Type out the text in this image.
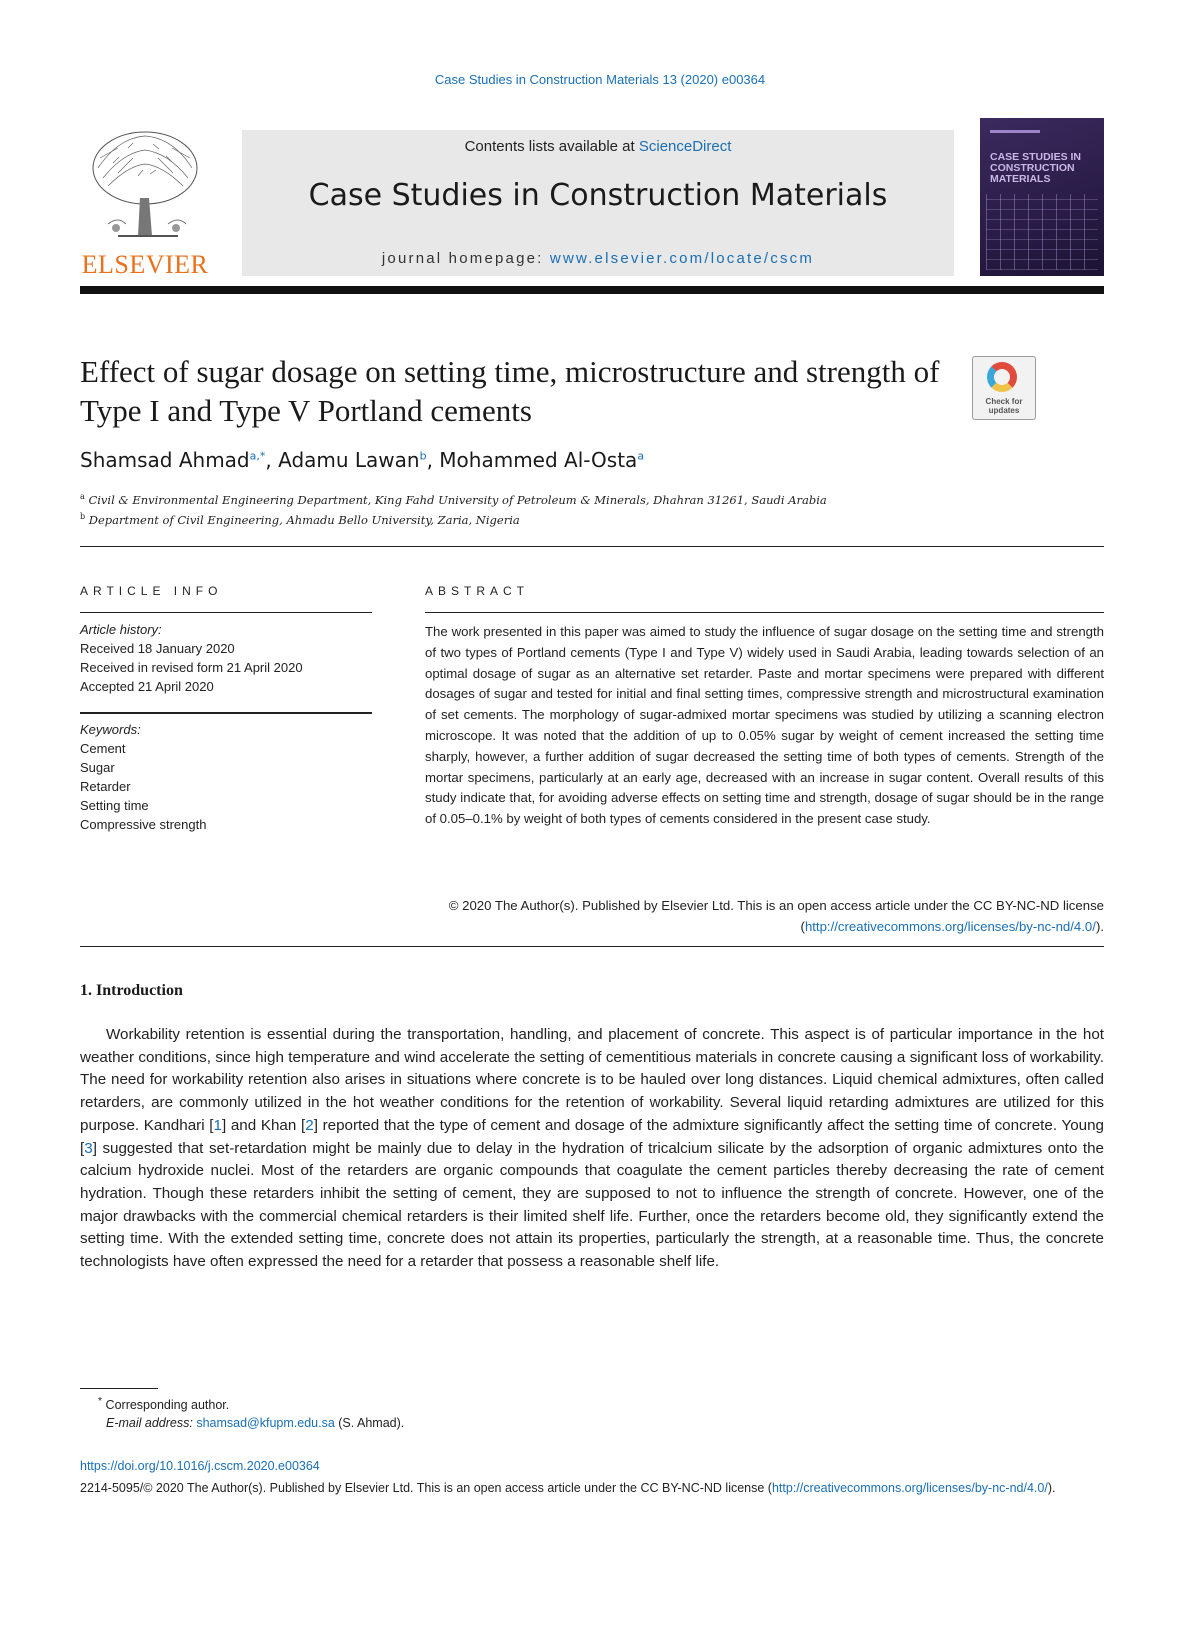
Case Studies in Construction Materials 13 (2020) e00364
ELSEVIER
Contents lists available at ScienceDirect
Case Studies in Construction Materials
journal homepage: www.elsevier.com/locate/cscm
CASE STUDIES IN CONSTRUCTION MATERIALS
Effect of sugar dosage on setting time, microstructure and strength of Type I and Type V Portland cements	Check for updates
Shamsad Ahmad$^{a,*}$, Adamu Lawan$^b$, Mohammed Al-Osta$^a$
$^a$ Civil & Environmental Engineering Department, King Fahd University of Petroleum & Minerals, Dhahran 31261, Saudi Arabia
$^b$ Department of Civil Engineering, Ahmadu Bello University, Zaria, Nigeria
ARTICLE INFO
Article history:
Received 18 January 2020
Received in revised form 21 April 2020
Accepted 21 April 2020
Keywords:
Cement
Sugar
Retarder
Setting time
Compressive strength
ABSTRACT
The work presented in this paper was aimed to study the influence of sugar dosage on the setting time and strength of two types of Portland cements (Type I and Type V) widely used in Saudi Arabia, leading towards selection of an optimal dosage of sugar as an alternative set retarder. Paste and mortar specimens were prepared with different dosages of sugar and tested for initial and final setting times, compressive strength and microstructural examination of set cements. The morphology of sugar-admixed mortar specimens was studied by utilizing a scanning electron microscope. It was noted that the addition of up to 0.05% sugar by weight of cement increased the setting time sharply, however, a further addition of sugar decreased the setting time of both types of cements. Strength of the mortar specimens, particularly at an early age, decreased with an increase in sugar content. Overall results of this study indicate that, for avoiding adverse effects on setting time and strength, dosage of sugar should be in the range of 0.05–0.1% by weight of both types of cements considered in the present case study.
© 2020 The Author(s). Published by Elsevier Ltd. This is an open access article under the CC BY-NC-ND license (http://creativecommons.org/licenses/by-nc-nd/4.0/).
1. Introduction
Workability retention is essential during the transportation, handling, and placement of concrete. This aspect is of particular importance in the hot weather conditions, since high temperature and wind accelerate the setting of cementitious materials in concrete causing a significant loss of workability. The need for workability retention also arises in situations where concrete is to be hauled over long distances. Liquid chemical admixtures, often called retarders, are commonly utilized in the hot weather conditions for the retention of workability. Several liquid retarding admixtures are utilized for this purpose. Kandhari [1] and Khan [2] reported that the type of cement and dosage of the admixture significantly affect the setting time of concrete. Young [3] suggested that set-retardation might be mainly due to delay in the hydration of tricalcium silicate by the adsorption of organic admixtures onto the calcium hydroxide nuclei. Most of the retarders are organic compounds that coagulate the cement particles thereby decreasing the rate of cement hydration. Though these retarders inhibit the setting of cement, they are supposed to not to influence the strength of concrete. However, one of the major drawbacks with the commercial chemical retarders is their limited shelf life. Further, once the retarders become old, they significantly extend the setting time. With the extended setting time, concrete does not attain its properties, particularly the strength, at a reasonable time. Thus, the concrete technologists have often expressed the need for a retarder that possess a reasonable shelf life.
* Corresponding author.
E-mail address: shamsad@kfupm.edu.sa (S. Ahmad).
https://doi.org/10.1016/j.cscm.2020.e00364
2214-5095/© 2020 The Author(s). Published by Elsevier Ltd. This is an open access article under the CC BY-NC-ND license (http://creativecommons.org/licenses/by-nc-nd/4.0/).
